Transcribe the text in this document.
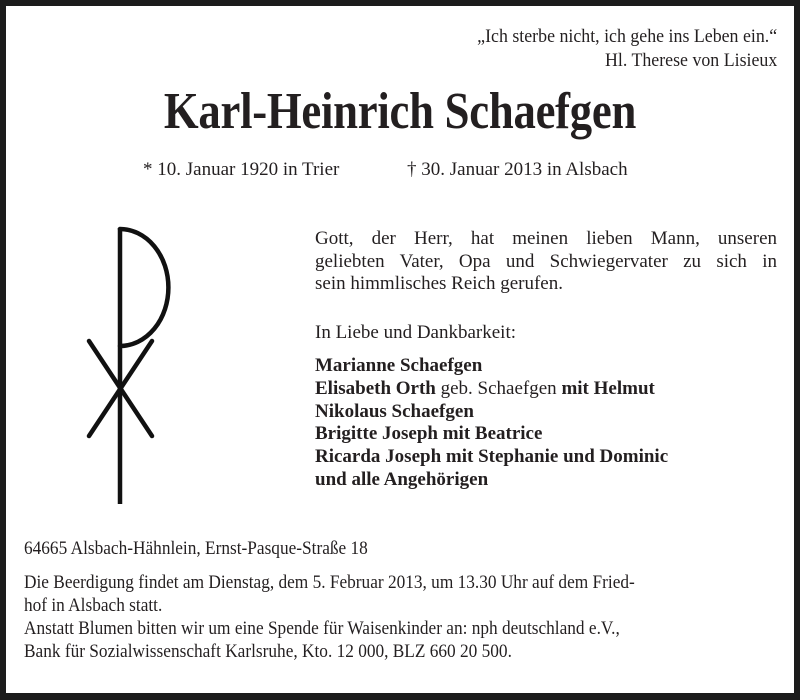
„Ich sterbe nicht, ich gehe ins Leben ein.“
Hl. Therese von Lisieux
Karl-Heinrich Schaefgen
* 10. Januar 1920 in Trier	† 30. Januar 2013 in Alsbach
Gott, der Herr, hat meinen lieben Mann, unseren
geliebten Vater, Opa und Schwiegervater zu sich in
sein himmlisches Reich gerufen.
In Liebe und Dankbarkeit:
Marianne Schaefgen
Elisabeth Orth geb. Schaefgen mit Helmut
Nikolaus Schaefgen
Brigitte Joseph mit Beatrice
Ricarda Joseph mit Stephanie und Dominic
und alle Angehörigen
64665 Alsbach-Hähnlein, Ernst-Pasque-Straße 18
Die Beerdigung findet am Dienstag, dem 5. Februar 2013, um 13.30 Uhr auf dem Fried-
hof in Alsbach statt.
Anstatt Blumen bitten wir um eine Spende für Waisenkinder an: nph deutschland e.V.,
Bank für Sozialwissenschaft Karlsruhe, Kto. 12 000, BLZ 660 20 500.
